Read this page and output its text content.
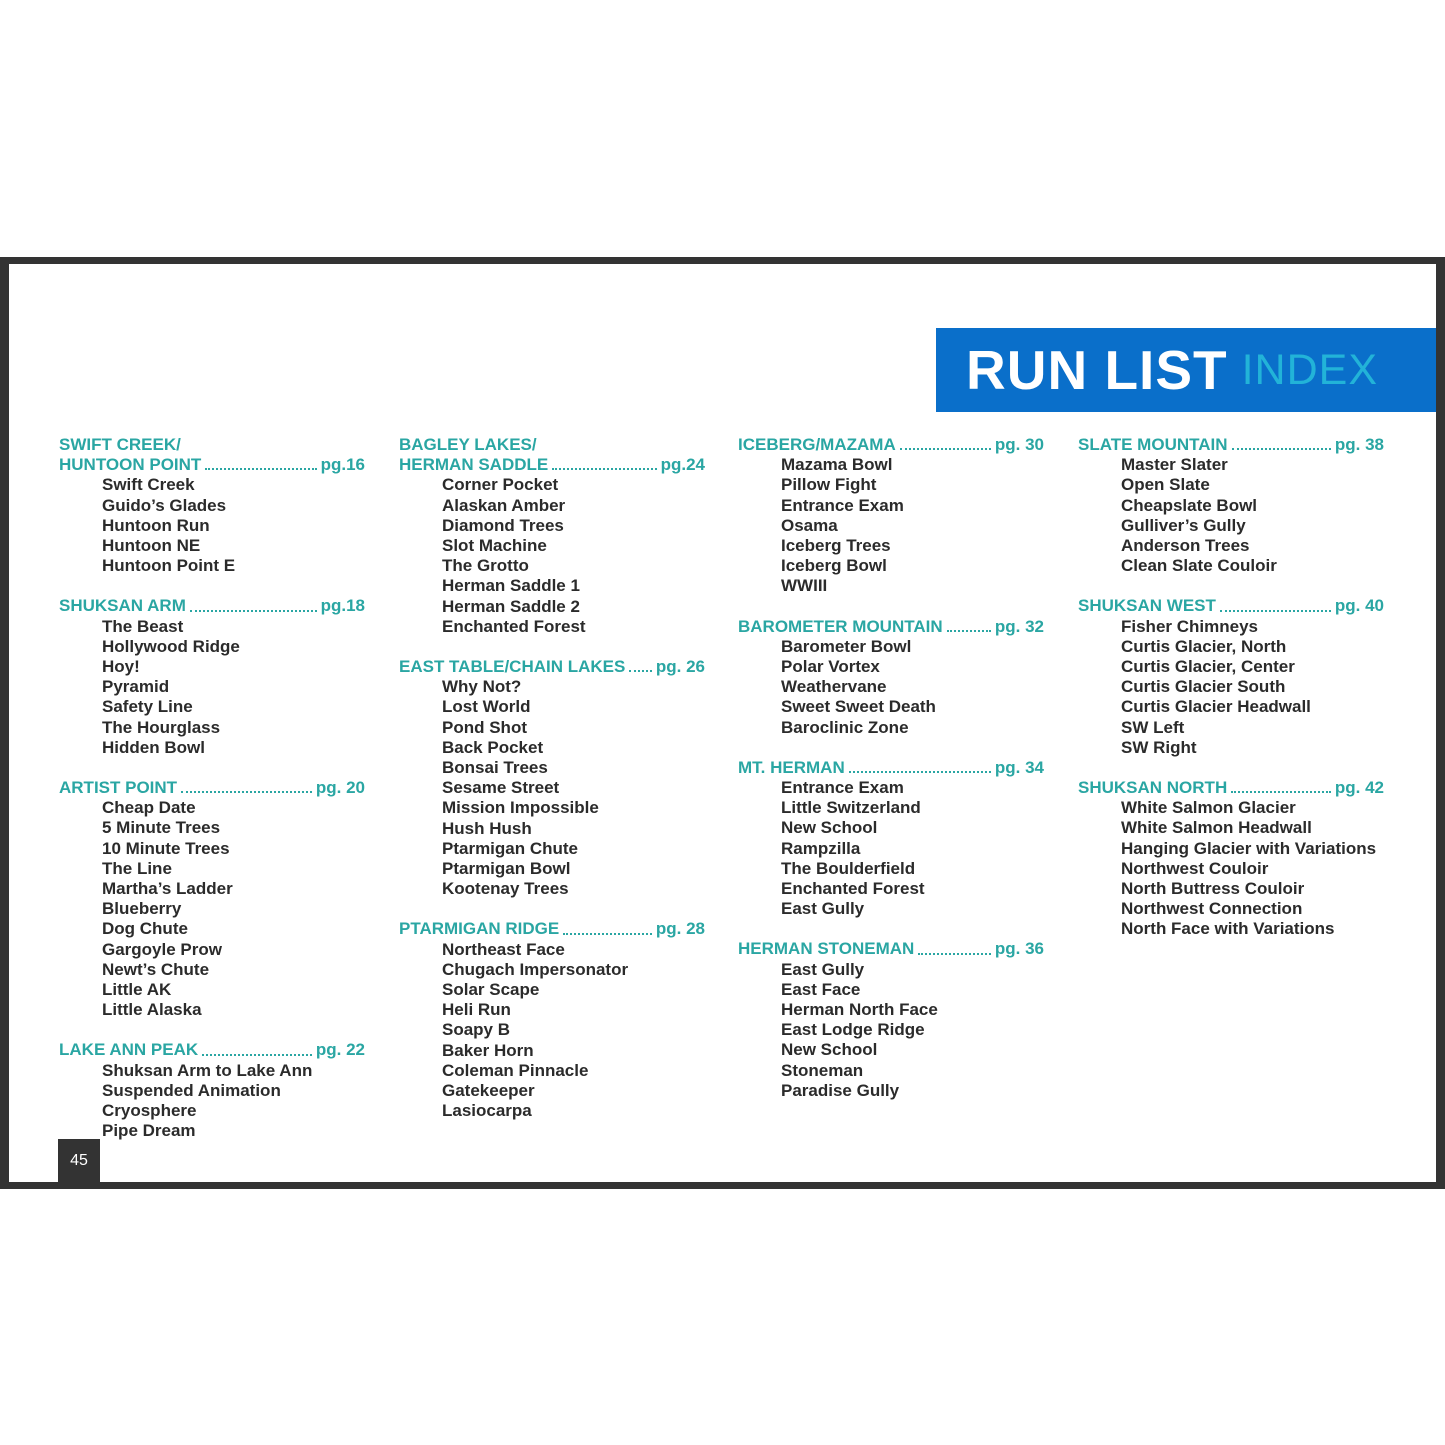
RUN LIST INDEX
SWIFT CREEK/
HUNTOON POINT	pg.16
Swift Creek
Guido’s Glades
Huntoon Run
Huntoon NE
Huntoon Point E
SHUKSAN ARM	pg.18
The Beast
Hollywood Ridge
Hoy!
Pyramid
Safety Line
The Hourglass
Hidden Bowl
ARTIST POINT	pg. 20
Cheap Date
5 Minute Trees
10 Minute Trees
The Line
Martha’s Ladder
Blueberry
Dog Chute
Gargoyle Prow
Newt’s Chute
Little AK
Little Alaska
LAKE ANN PEAK	pg. 22
Shuksan Arm to Lake Ann
Suspended Animation
Cryosphere
Pipe Dream
BAGLEY LAKES/
HERMAN SADDLE	pg.24
Corner Pocket
Alaskan Amber
Diamond Trees
Slot Machine
The Grotto
Herman Saddle 1
Herman Saddle 2
Enchanted Forest
EAST TABLE/CHAIN LAKES pg. 26
Why Not?
Lost World
Pond Shot
Back Pocket
Bonsai Trees
Sesame Street
Mission Impossible
Hush Hush
Ptarmigan Chute
Ptarmigan Bowl
Kootenay Trees
PTARMIGAN RIDGE	pg. 28
Northeast Face
Chugach Impersonator
Solar Scape
Heli Run
Soapy B
Baker Horn
Coleman Pinnacle
Gatekeeper
Lasiocarpa
ICEBERG/MAZAMA	pg. 30
Mazama Bowl
Pillow Fight
Entrance Exam
Osama
Iceberg Trees
Iceberg Bowl
WWIII
BAROMETER MOUNTAIN	pg. 32
Barometer Bowl
Polar Vortex
Weathervane
Sweet Sweet Death
Baroclinic Zone
MT. HERMAN	pg. 34
Entrance Exam
Little Switzerland
New School
Rampzilla
The Boulderfield
Enchanted Forest
East Gully
HERMAN STONEMAN	pg. 36
East Gully
East Face
Herman North Face
East Lodge Ridge
New School
Stoneman
Paradise Gully
SLATE MOUNTAIN	pg. 38
Master Slater
Open Slate
Cheapslate Bowl
Gulliver’s Gully
Anderson Trees
Clean Slate Couloir
SHUKSAN WEST	pg. 40
Fisher Chimneys
Curtis Glacier, North
Curtis Glacier, Center
Curtis Glacier South
Curtis Glacier Headwall
SW Left
SW Right
SHUKSAN NORTH	pg. 42
White Salmon Glacier
White Salmon Headwall
Hanging Glacier with Variations
Northwest Couloir
North Buttress Couloir
Northwest Connection
North Face with Variations
45
